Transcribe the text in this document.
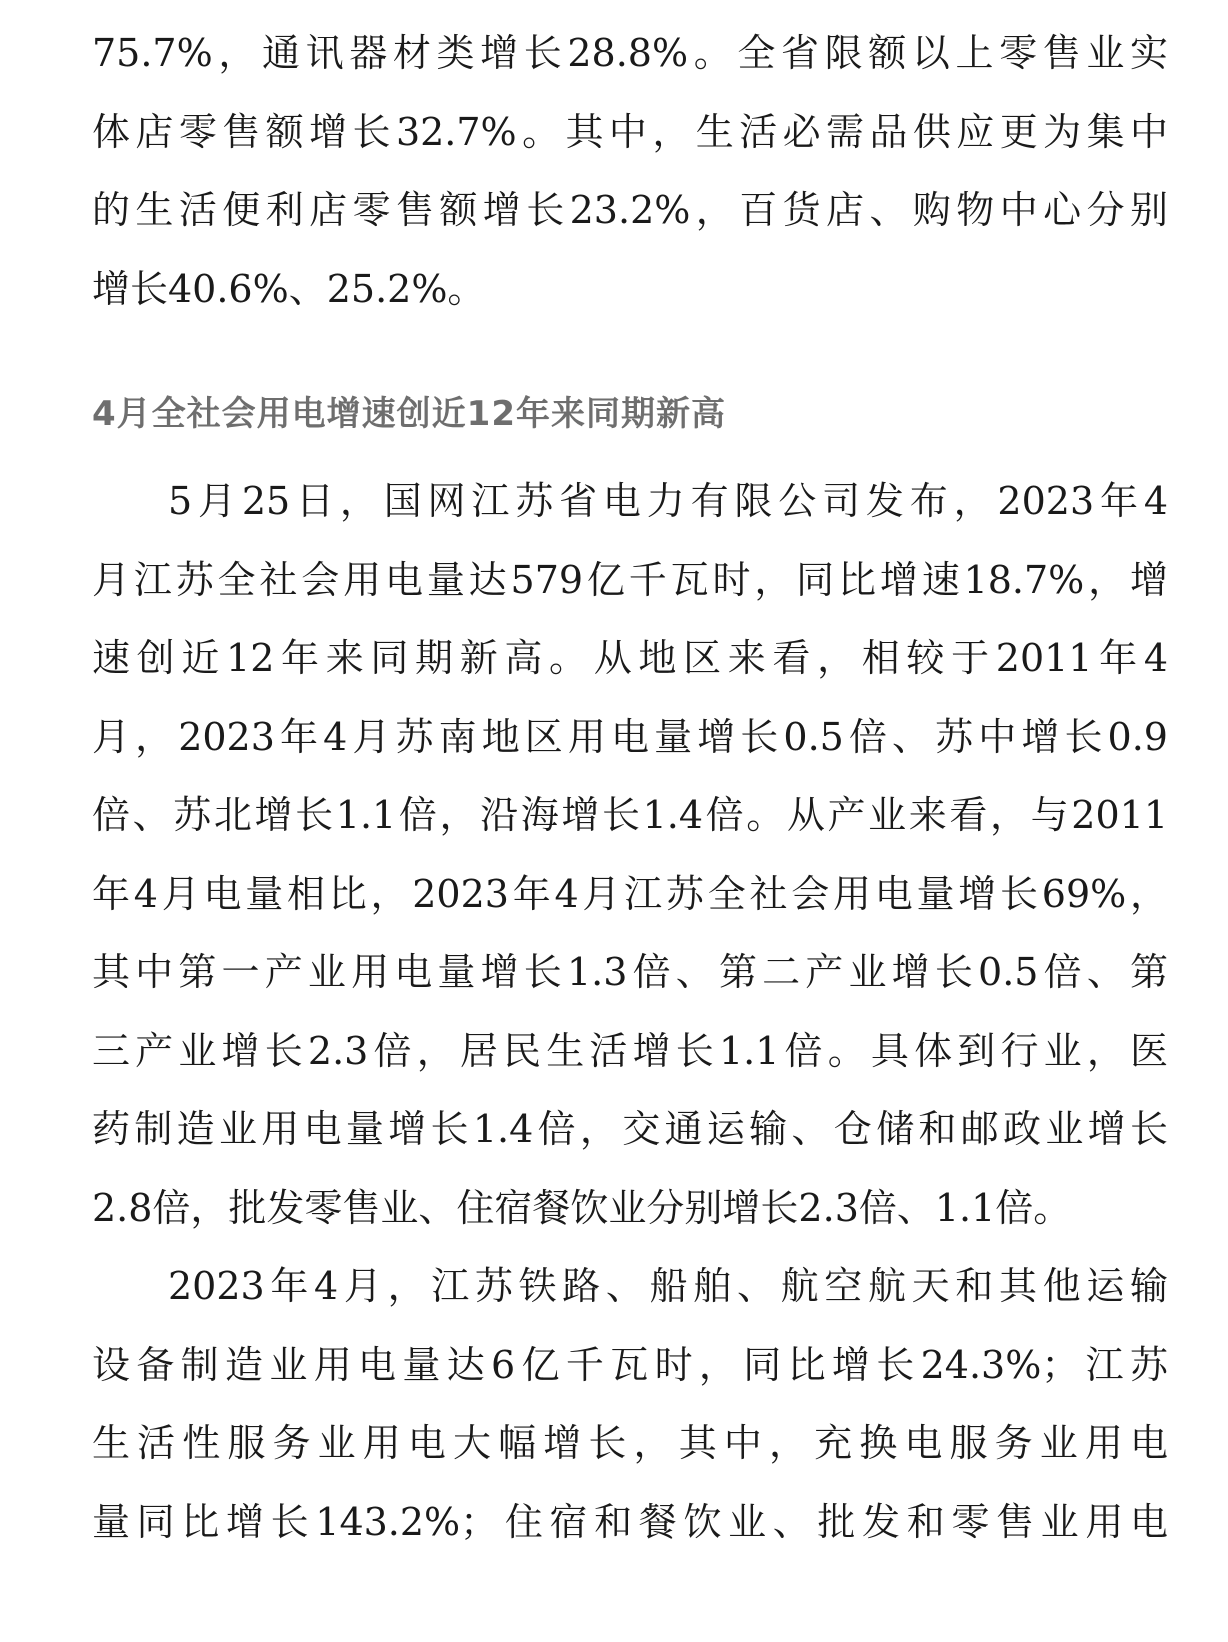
75.7%，通讯器材类增长28.8%。全省限额以上零售业实
体店零售额增长32.7%。其中，生活必需品供应更为集中
的生活便利店零售额增长23.2%，百货店、购物中心分别
增长40.6%、25.2%。
4月全社会用电增速创近12年来同期新高
5月25日，国网江苏省电力有限公司发布，2023年4
月江苏全社会用电量达579亿千瓦时，同比增速18.7%，增
速创近12年来同期新高。从地区来看，相较于2011年4
月，2023年4月苏南地区用电量增长0.5倍、苏中增长0.9
倍、苏北增长1.1倍，沿海增长1.4倍。从产业来看，与2011
年4月电量相比，2023年4月江苏全社会用电量增长69%，
其中第一产业用电量增长1.3倍、第二产业增长0.5倍、第
三产业增长2.3倍，居民生活增长1.1倍。具体到行业，医
药制造业用电量增长1.4倍，交通运输、仓储和邮政业增长
2.8倍，批发零售业、住宿餐饮业分别增长2.3倍、1.1倍。
2023年4月，江苏铁路、船舶、航空航天和其他运输
设备制造业用电量达6亿千瓦时，同比增长24.3%；江苏
生活性服务业用电大幅增长，其中，充换电服务业用电
量同比增长143.2%；住宿和餐饮业、批发和零售业用电
